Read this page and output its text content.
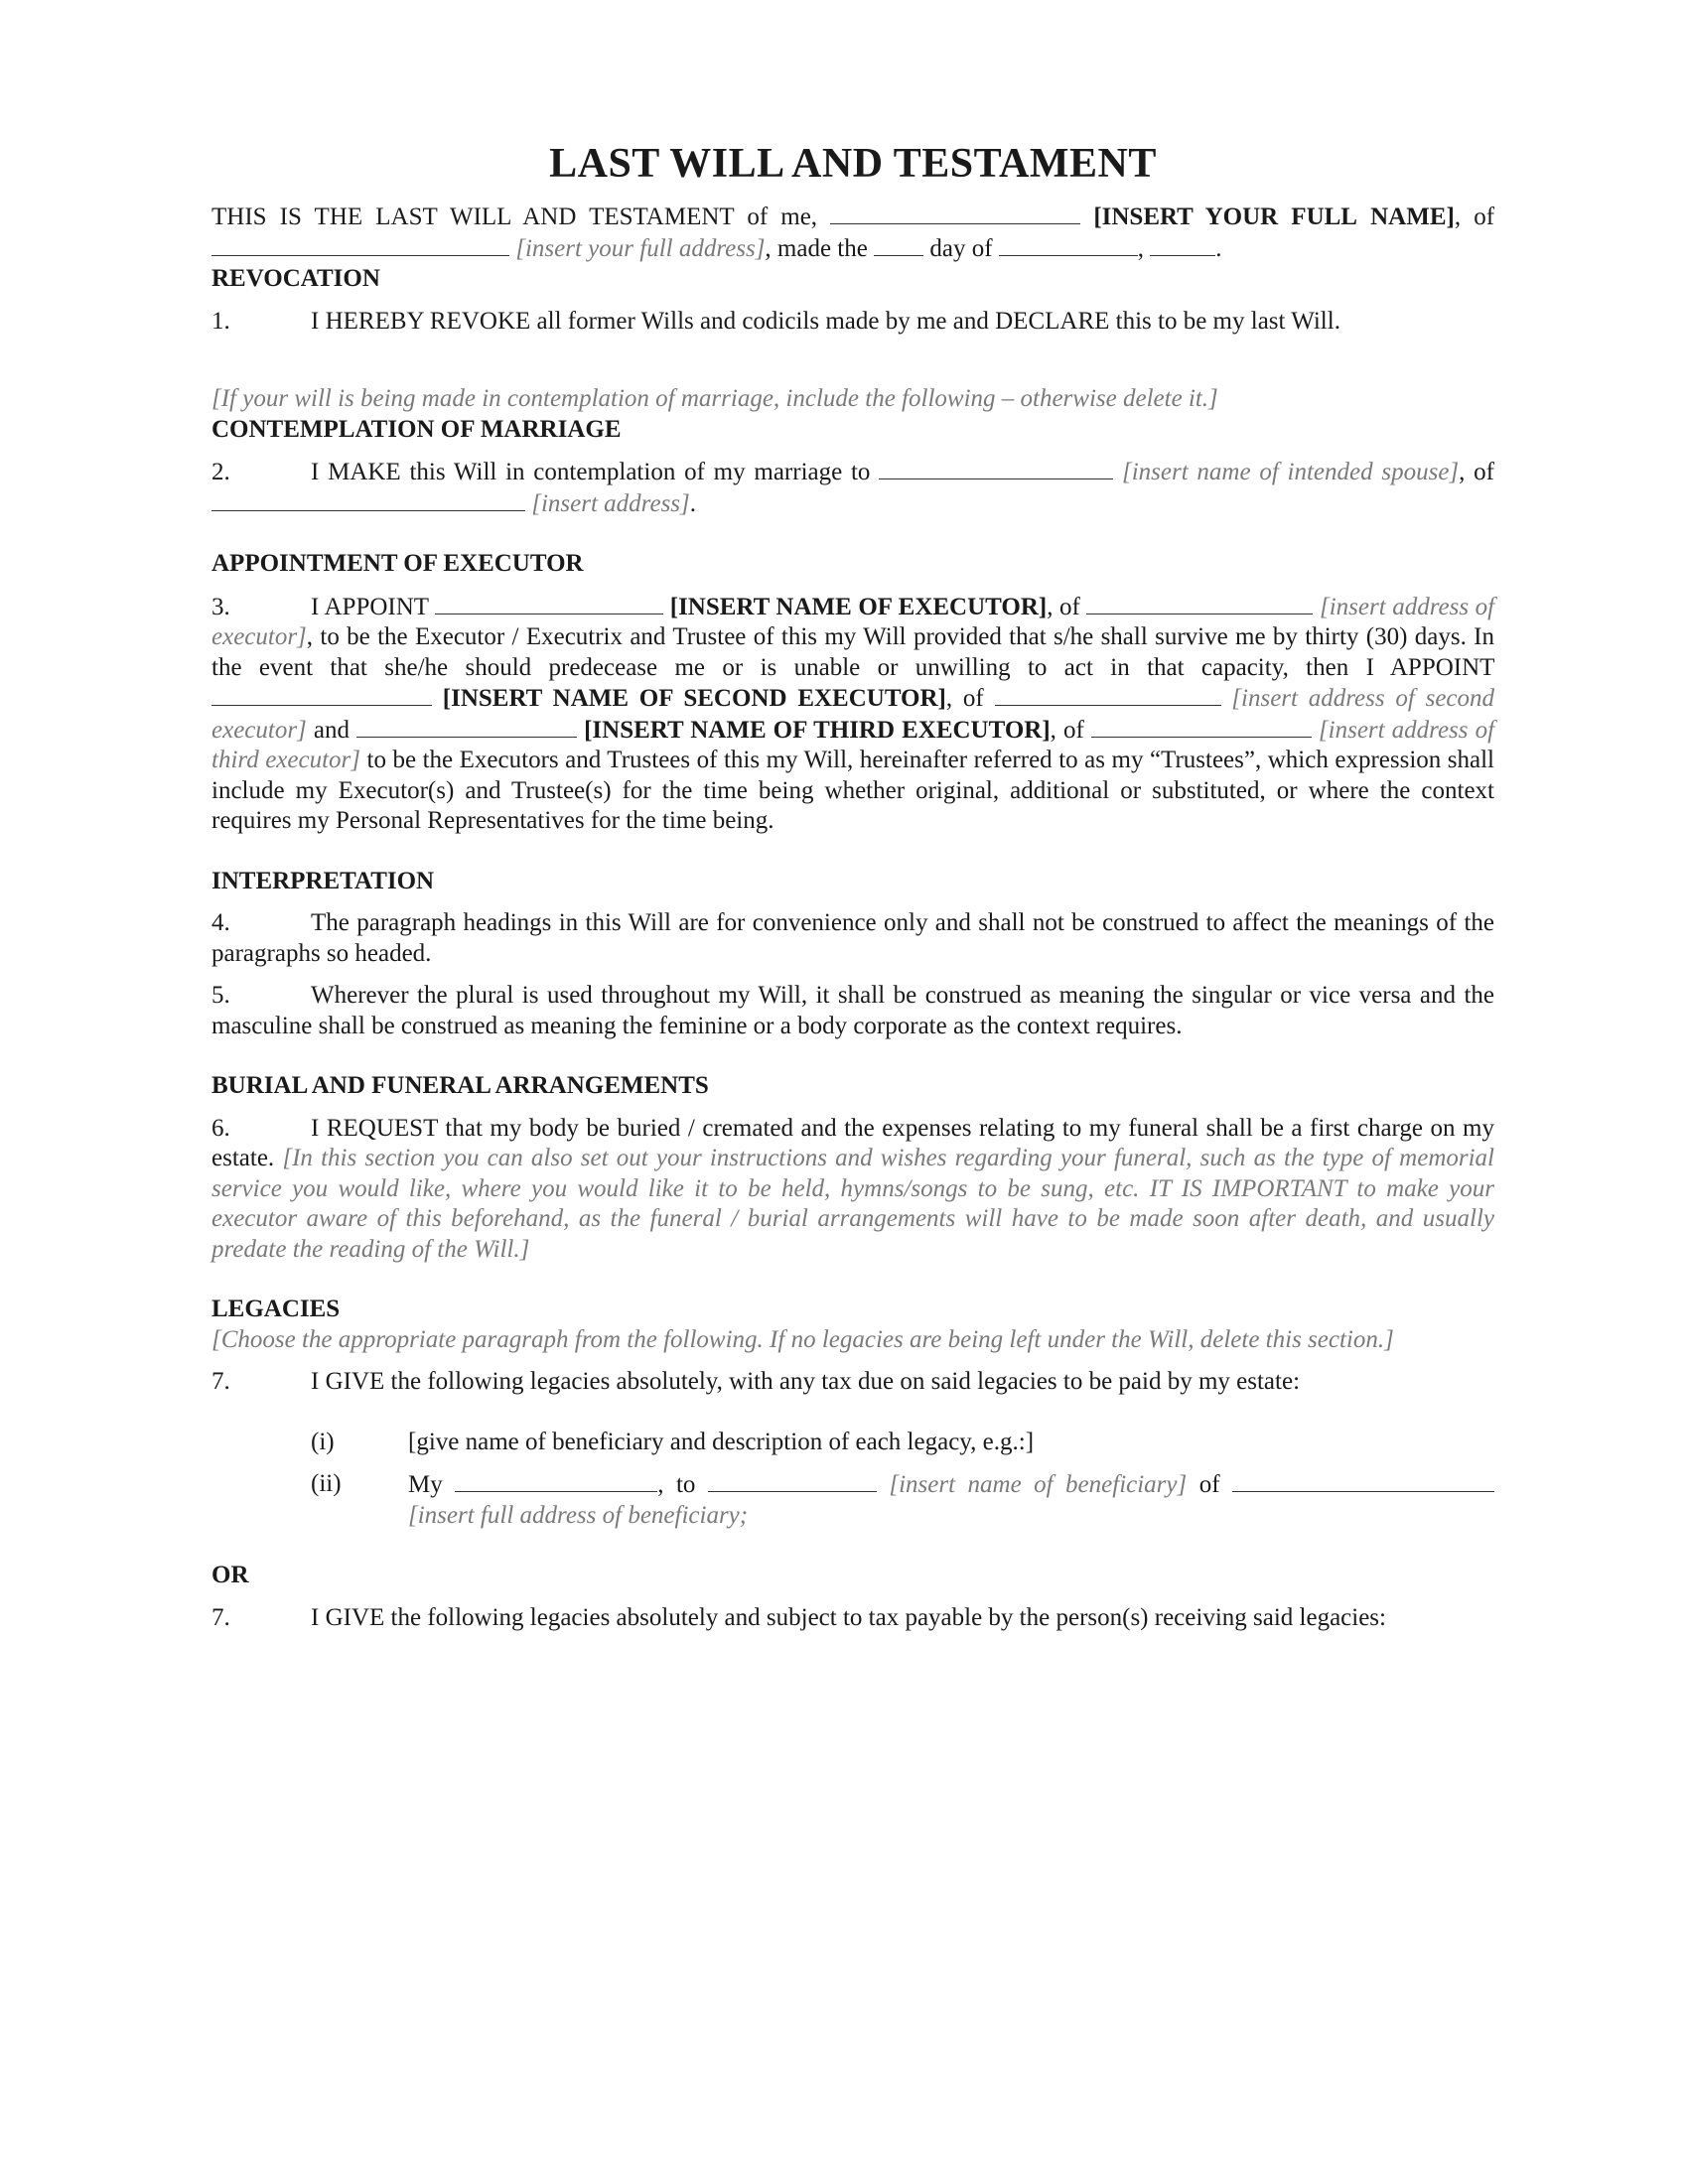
LAST WILL AND TESTAMENT

THIS IS THE LAST WILL AND TESTAMENT of me,	[INSERT YOUR FULL NAME], of  [insert your full address], made the	day of	,	.

REVOCATION

1.	I HEREBY REVOKE all former Wills and codicils made by me and DECLARE this to be my last Will.

[If your will is being made in contemplation of marriage, include the following – otherwise delete it.]

CONTEMPLATION OF MARRIAGE

2.	I MAKE this Will in contemplation of my marriage to	[insert name of intended spouse], of  [insert address].

APPOINTMENT OF EXECUTOR

3.	I APPOINT	[INSERT NAME OF EXECUTOR], of	[insert address of executor], to be the Executor / Executrix and Trustee of this my Will provided that s/he shall survive me by thirty (30) days. In the event that she/he should predecease me or is unable or unwilling to act in that capacity, then I APPOINT  [INSERT NAME OF SECOND EXECUTOR], of	[insert address of second executor] and	[INSERT NAME OF THIRD EXECUTOR], of	[insert address of third executor] to be the Executors and Trustees of this my Will, hereinafter referred to as my “Trustees”, which expression shall include my Executor(s) and Trustee(s) for the time being whether original, additional or substituted, or where the context requires my Personal Representatives for the time being.

INTERPRETATION

4.	The paragraph headings in this Will are for convenience only and shall not be construed to affect the meanings of the paragraphs so headed.

5.	Wherever the plural is used throughout my Will, it shall be construed as meaning the singular or vice versa and the masculine shall be construed as meaning the feminine or a body corporate as the context requires.

BURIAL AND FUNERAL ARRANGEMENTS

6.	I REQUEST that my body be buried / cremated and the expenses relating to my funeral shall be a first charge on my estate. [In this section you can also set out your instructions and wishes regarding your funeral, such as the type of memorial service you would like, where you would like it to be held, hymns/songs to be sung, etc. IT IS IMPORTANT to make your executor aware of this beforehand, as the funeral / burial arrangements will have to be made soon after death, and usually predate the reading of the Will.]

LEGACIES

[Choose the appropriate paragraph from the following. If no legacies are being left under the Will, delete this section.]

7.	I GIVE the following legacies absolutely, with any tax due on said legacies to be paid by my estate:

(i)	[give name of beneficiary and description of each legacy, e.g.:]
(ii)	My	, to	[insert name of beneficiary] of  [insert full address of beneficiary;

OR

7.	I GIVE the following legacies absolutely and subject to tax payable by the person(s) receiving said legacies:
